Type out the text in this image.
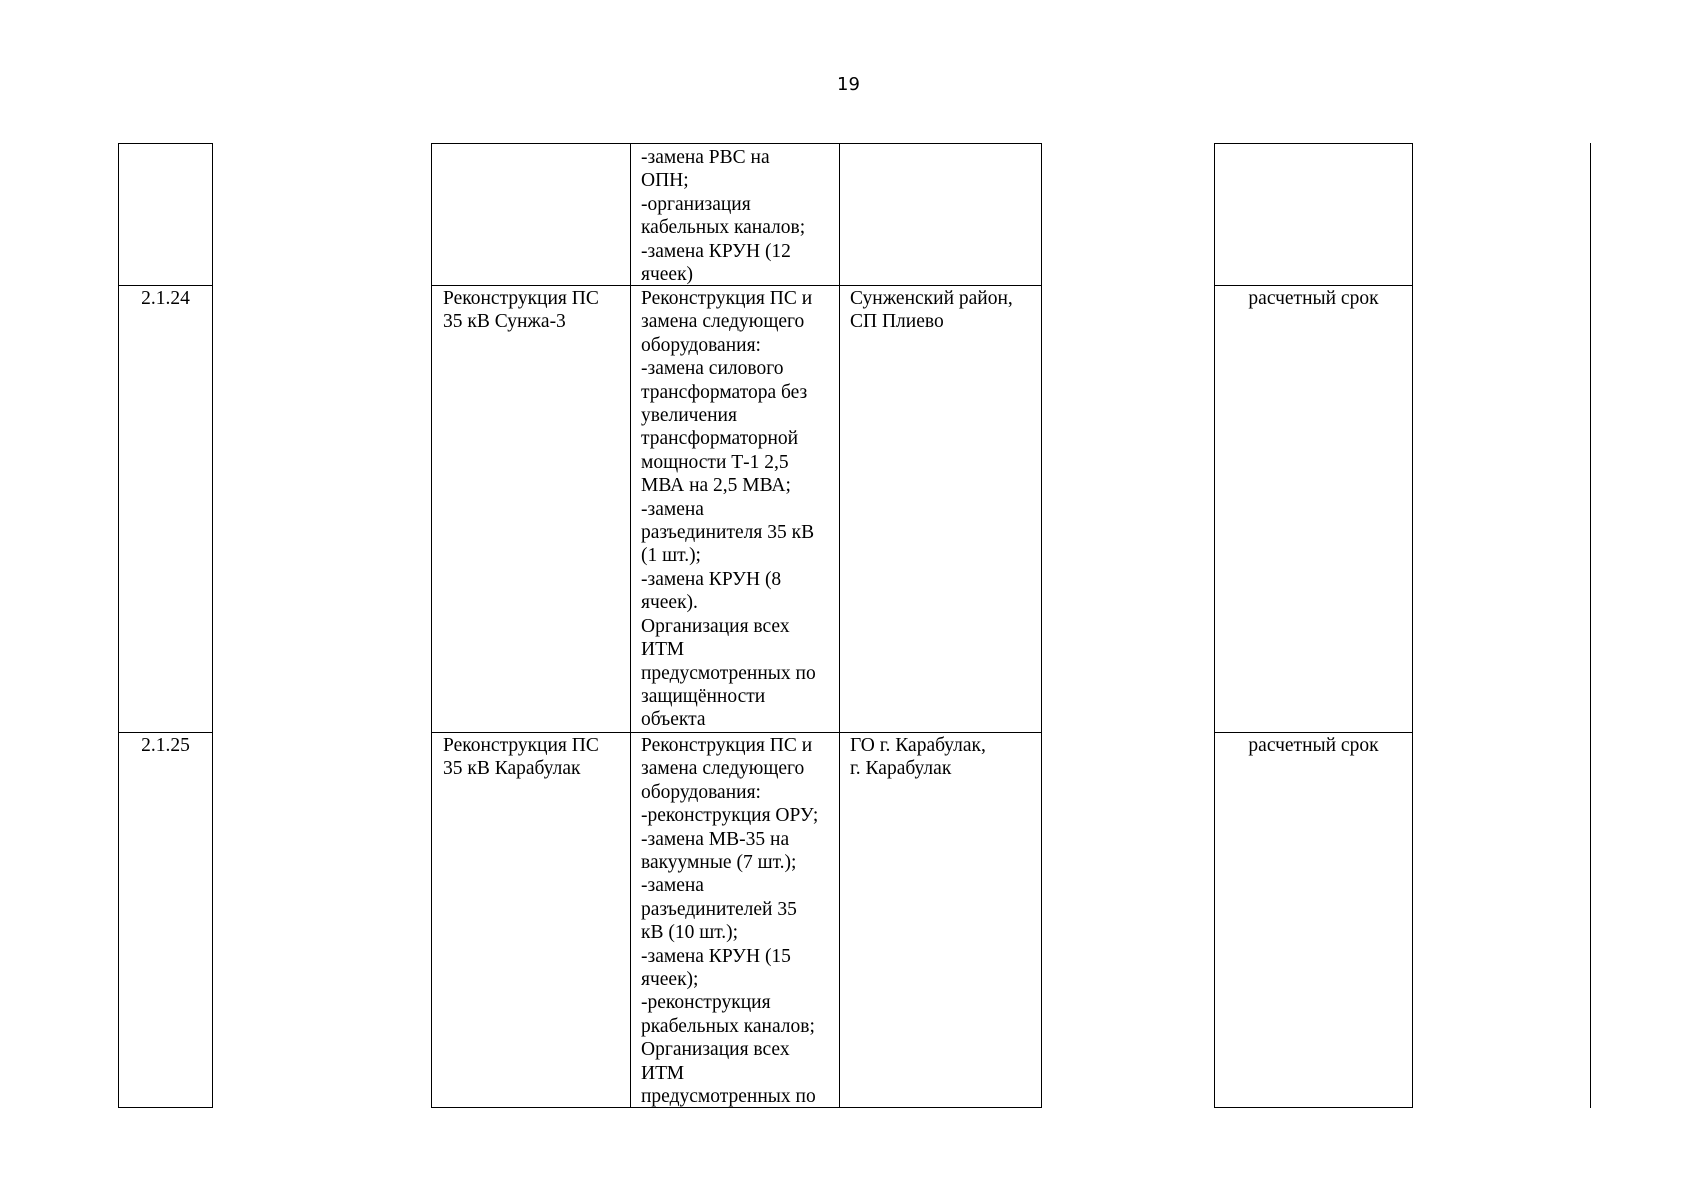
19
-замена РВС на
ОПН;
-организация
кабельных каналов;
-замена КРУН (12
ячеек)
2.1.24	Реконструкция ПС
35 кВ Сунжа-3
Реконструкция ПС и
замена следующего
оборудования:
-замена силового
трансформатора без
увеличения
трансформаторной
мощности Т-1 2,5
МВА на 2,5 МВА;
-замена
разъединителя 35 кВ
(1 шт.);
-замена КРУН (8
ячеек).
Организация всех
ИТМ
предусмотренных по
защищённости
объекта
Сунженский район,
СП Плиево
расчетный срок
2.1.25	Реконструкция ПС
35 кВ Карабулак
Реконструкция ПС и
замена следующего
оборудования:
-реконструкция ОРУ;
-замена МВ-35 на
вакуумные (7 шт.);
-замена
разъединителей 35
кВ (10 шт.);
-замена КРУН (15
ячеек);
-реконструкция
ркабельных каналов;
Организация всех
ИТМ
предусмотренных по
ГО г. Карабулак,
г. Карабулак
расчетный срок
